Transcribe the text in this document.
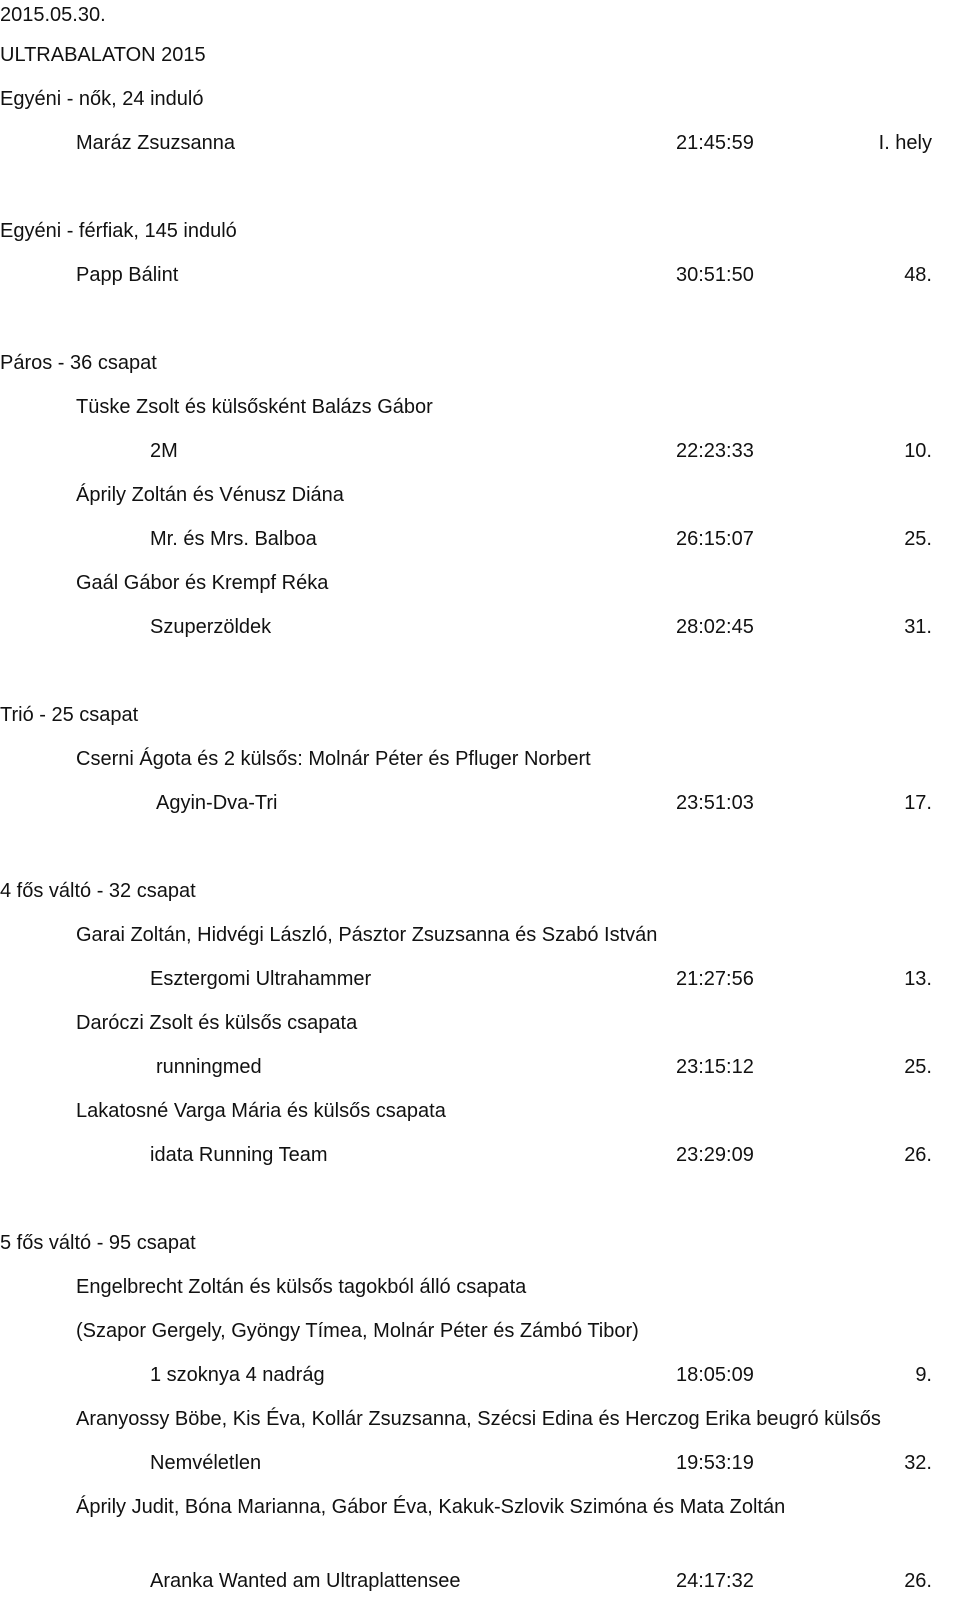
2015.05.30.
ULTRABALATON 2015
Egyéni - nők, 24 induló
Maráz Zsuzsanna	21:45:59	I. hely
Egyéni - férfiak, 145 induló
Papp Bálint	30:51:50	48.
Páros - 36 csapat
Tüske Zsolt és külsősként Balázs Gábor
2M	22:23:33	10.
Áprily Zoltán és Vénusz Diána
Mr. és Mrs. Balboa	26:15:07	25.
Gaál Gábor és Krempf Réka
Szuperzöldek	28:02:45	31.
Trió - 25 csapat
Cserni Ágota és 2 külsős: Molnár Péter és Pfluger Norbert
Agyin-Dva-Tri	23:51:03	17.
4 fős váltó - 32 csapat
Garai Zoltán, Hidvégi László, Pásztor Zsuzsanna és Szabó István
Esztergomi Ultrahammer	21:27:56	13.
Daróczi Zsolt és külsős csapata
runningmed	23:15:12	25.
Lakatosné Varga Mária és külsős csapata
idata Running Team	23:29:09	26.
5 fős váltó - 95 csapat
Engelbrecht Zoltán és külsős tagokból álló csapata
(Szapor Gergely, Gyöngy Tímea, Molnár Péter és Zámbó Tibor)
1 szoknya 4 nadrág	18:05:09	9.
Aranyossy Böbe, Kis Éva, Kollár Zsuzsanna, Szécsi Edina és Herczog Erika beugró külsős
Nemvéletlen	19:53:19	32.
Áprily Judit, Bóna Marianna, Gábor Éva, Kakuk-Szlovik Szimóna és Mata Zoltán
Aranka Wanted am Ultraplattensee	24:17:32	26.
